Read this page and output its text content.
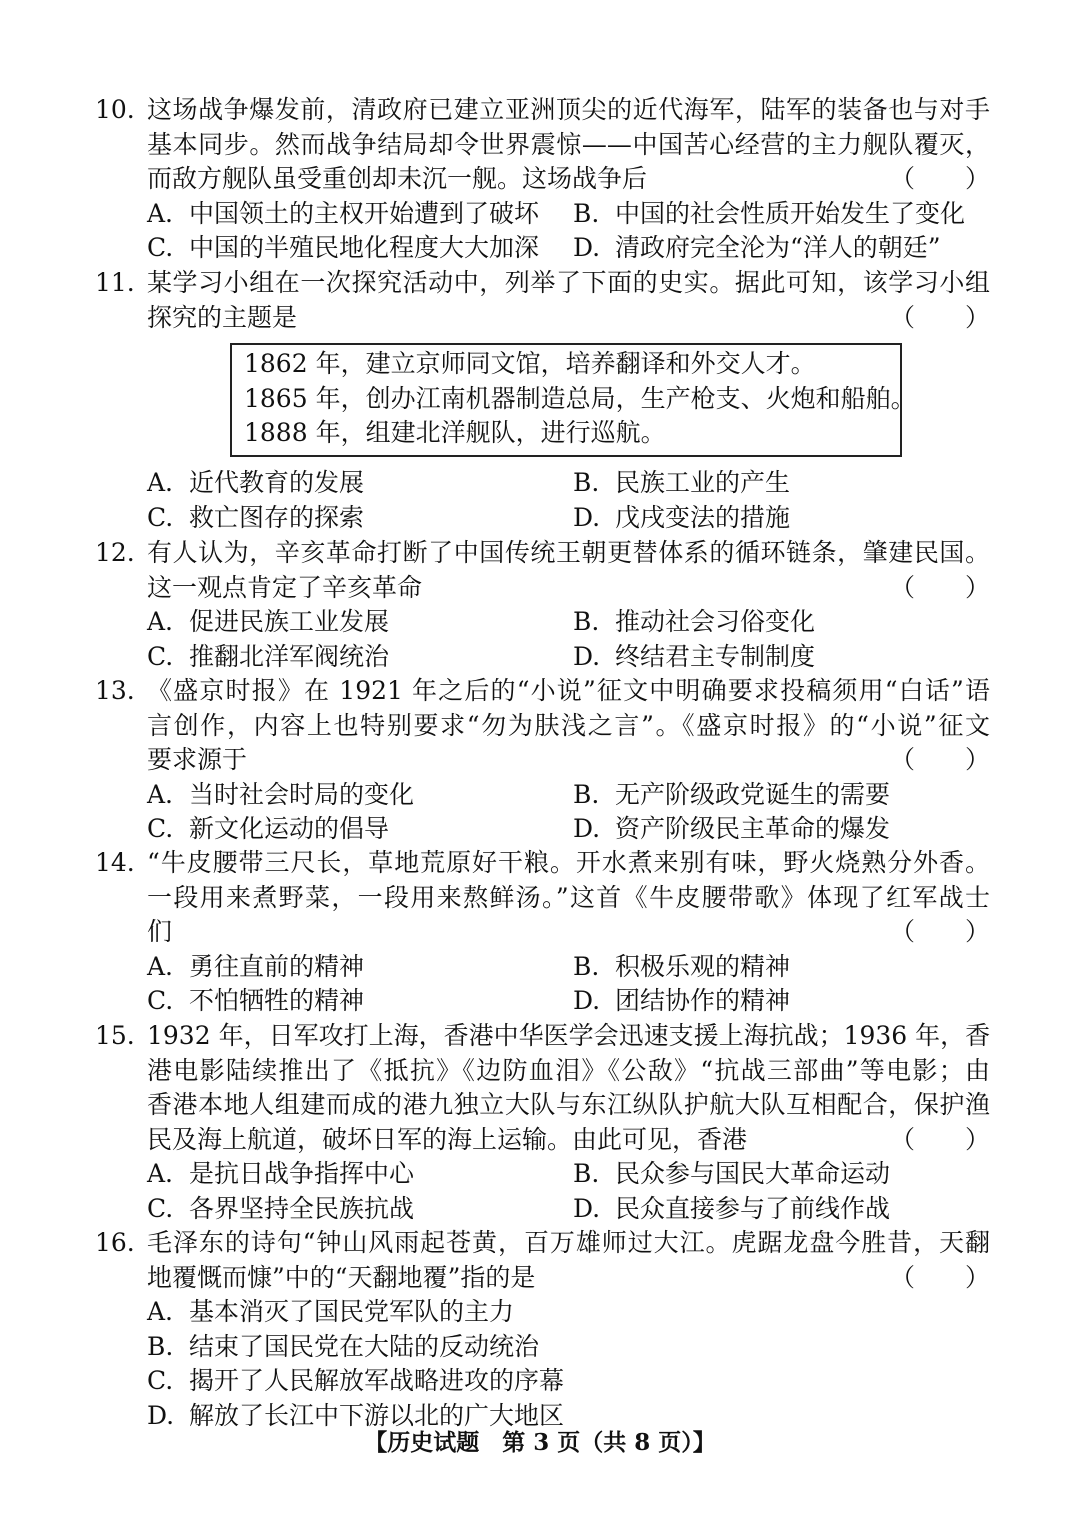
10. 这场战争爆发前，清政府已建立亚洲顶尖的近代海军，陆军的装备也与对手
基本同步。然而战争结局却令世界震惊——中国苦心经营的主力舰队覆灭，
而敌方舰队虽受重创却未沉一舰。这场战争后	（　　）
A. 中国领土的主权开始遭到了破坏 B. 中国的社会性质开始发生了变化
C. 中国的半殖民地化程度大大加深 D. 清政府完全沦为“洋人的朝廷”
11. 某学习小组在一次探究活动中，列举了下面的史实。据此可知，该学习小组
探究的主题是	（　　）
1862 年，建立京师同文馆，培养翻译和外交人才。
1865 年，创办江南机器制造总局，生产枪支、火炮和船舶。
1888 年，组建北洋舰队，进行巡航。
A. 近代教育的发展	B. 民族工业的产生
C. 救亡图存的探索	D. 戊戌变法的措施
12. 有人认为，辛亥革命打断了中国传统王朝更替体系的循环链条，肇建民国。
这一观点肯定了辛亥革命	（　　）
A. 促进民族工业发展	B. 推动社会习俗变化
C. 推翻北洋军阀统治	D. 终结君主专制制度
13. 《盛京时报》在 1921 年之后的“小说”征文中明确要求投稿须用“白话”语
言创作，内容上也特别要求“勿为肤浅之言”。《盛京时报》的“小说”征文
要求源于	（　　）
A. 当时社会时局的变化	B. 无产阶级政党诞生的需要
C. 新文化运动的倡导	D. 资产阶级民主革命的爆发
14. “牛皮腰带三尺长，草地荒原好干粮。开水煮来别有味，野火烧熟分外香。
一段用来煮野菜，一段用来熬鲜汤。”这首《牛皮腰带歌》体现了红军战士
们	（　　）
A. 勇往直前的精神	B. 积极乐观的精神
C. 不怕牺牲的精神	D. 团结协作的精神
15. 1932 年，日军攻打上海，香港中华医学会迅速支援上海抗战；1936 年，香
港电影陆续推出了《抵抗》《边防血泪》《公敌》“抗战三部曲”等电影；由
香港本地人组建而成的港九独立大队与东江纵队护航大队互相配合，保护渔
民及海上航道，破坏日军的海上运输。由此可见，香港	（　　）
A. 是抗日战争指挥中心	B. 民众参与国民大革命运动
C. 各界坚持全民族抗战	D. 民众直接参与了前线作战
16. 毛泽东的诗句“钟山风雨起苍黄，百万雄师过大江。虎踞龙盘今胜昔，天翻
地覆慨而慷”中的“天翻地覆”指的是	（　　）
A. 基本消灭了国民党军队的主力
B. 结束了国民党在大陆的反动统治
C. 揭开了人民解放军战略进攻的序幕
D. 解放了长江中下游以北的广大地区
【历史试题　第 3 页（共 8 页）】
